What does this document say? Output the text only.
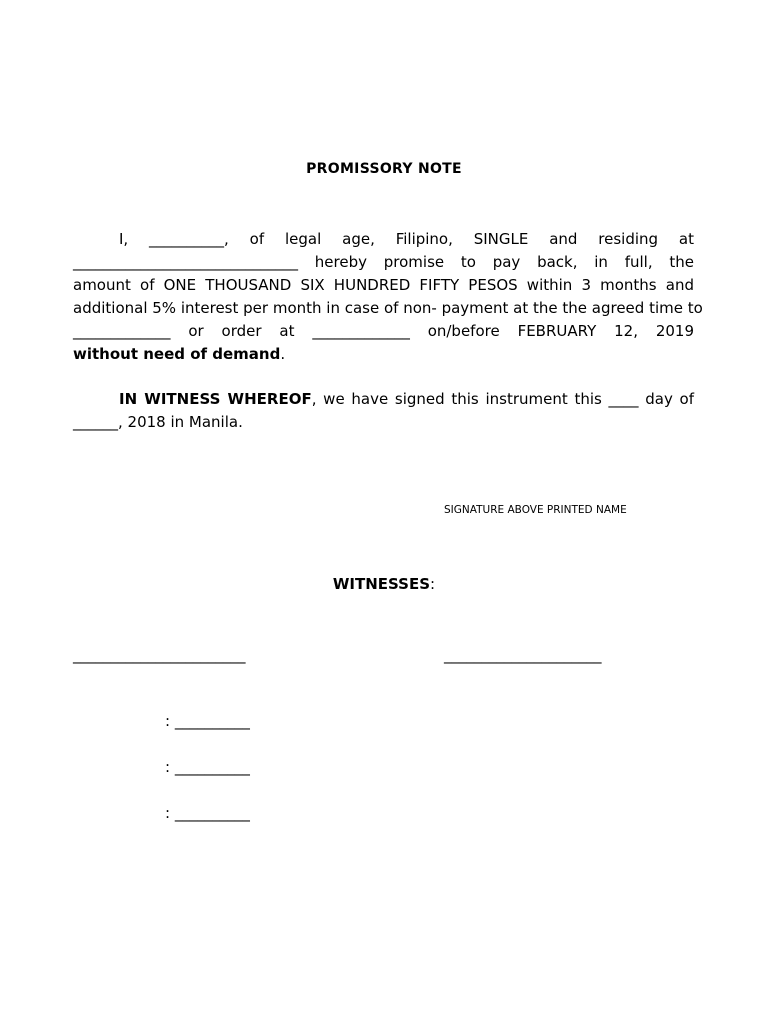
PROMISSORY NOTE
I, __________, of legal age, Filipino, SINGLE and residing at
______________________________ hereby promise to pay back, in full, the
amount of ONE THOUSAND SIX HUNDRED FIFTY PESOS within 3 months and
additional 5% interest per month in case of non- payment at the the agreed time to
_____________ or order at _____________ on/before FEBRUARY 12, 2019
without need of demand.
IN WITNESS WHEREOF, we have signed this instrument this ____ day of
______, 2018 in Manila.
SIGNATURE ABOVE PRINTED NAME
WITNESSES:
_______________________	_____________________
: __________
: __________
: __________
